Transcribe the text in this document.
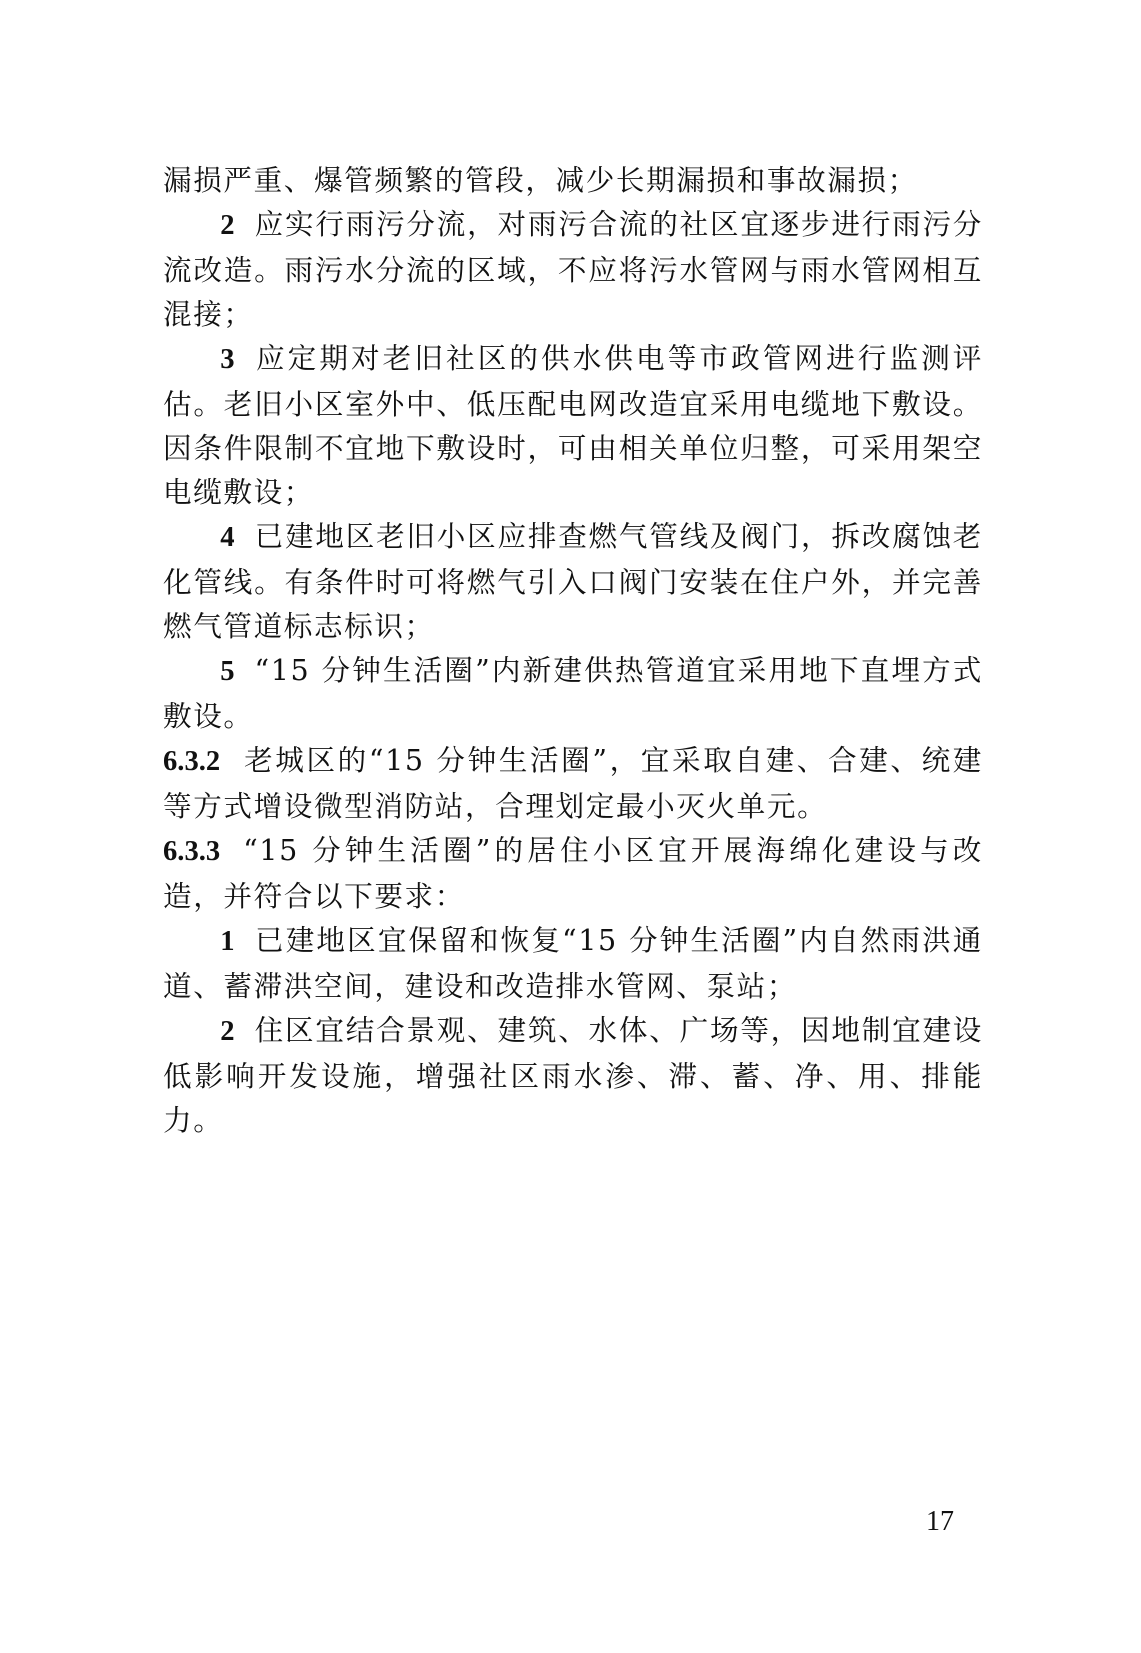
漏损严重、爆管频繁的管段，减少长期漏损和事故漏损；

2 应实行雨污分流，对雨污合流的社区宜逐步进行雨污分流改造。雨污水分流的区域，不应将污水管网与雨水管网相互混接；

3 应定期对老旧社区的供水供电等市政管网进行监测评估。老旧小区室外中、低压配电网改造宜采用电缆地下敷设。因条件限制不宜地下敷设时，可由相关单位归整，可采用架空电缆敷设；

4 已建地区老旧小区应排查燃气管线及阀门，拆改腐蚀老化管线。有条件时可将燃气引入口阀门安装在住户外，并完善燃气管道标志标识；

5 “15 分钟生活圈”内新建供热管道宜采用地下直埋方式敷设。

6.3.2 老城区的“15 分钟生活圈”，宜采取自建、合建、统建等方式增设微型消防站，合理划定最小灭火单元。

6.3.3 “15 分钟生活圈”的居住小区宜开展海绵化建设与改造，并符合以下要求：

1 已建地区宜保留和恢复“15 分钟生活圈”内自然雨洪通道、蓄滞洪空间，建设和改造排水管网、泵站；

2 住区宜结合景观、建筑、水体、广场等，因地制宜建设低影响开发设施，增强社区雨水渗、滞、蓄、净、用、排能力。

17
